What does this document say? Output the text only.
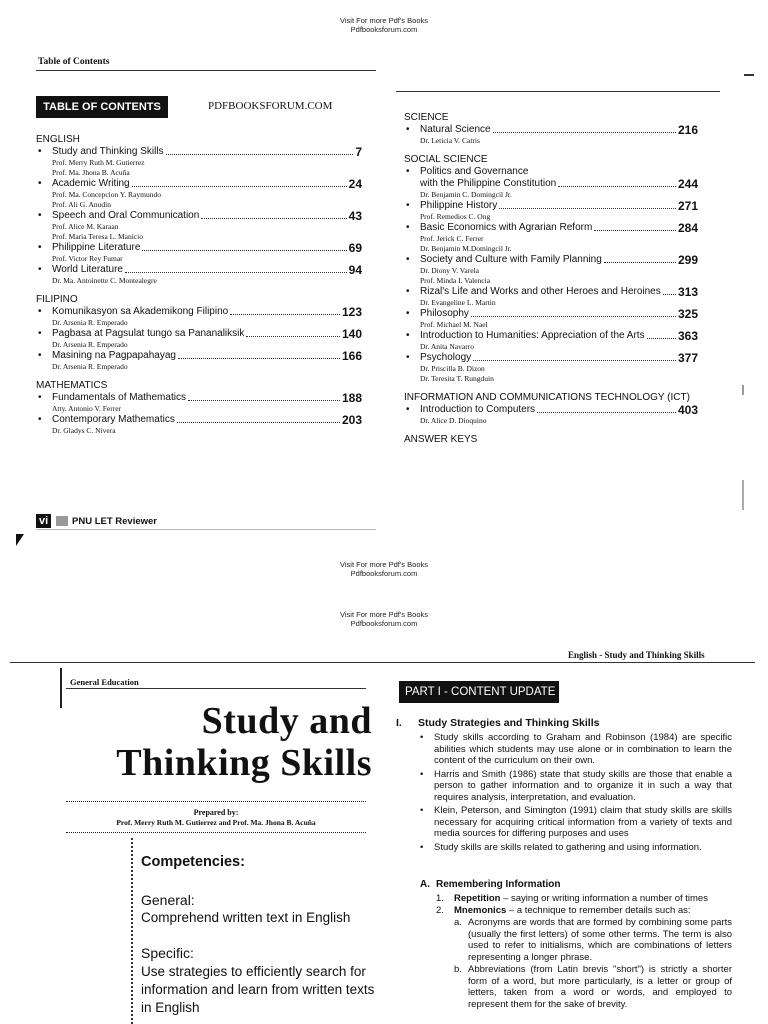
Visit For more Pdf's Books
Pdfbooksforum.com
Table of Contents
TABLE OF CONTENTS	PDFBOOKSFORUM.COM
ENGLISH
• Study and Thinking Skills	7
Prof. Merry Ruth M. Gutierrez
Prof. Ma. Jhona B. Acuña
• Academic Writing	24
Prof. Ma. Concepcion Y. Raymundo
Prof. Ali G. Anudin
• Speech and Oral Communication	43
Prof. Alice M. Karaan
Prof. Maria Teresa L. Manicio
• Philippine Literature	69
Prof. Victor Rey Fumar
• World Literature	94
Dr. Ma. Antoinette C. Montealegre
FILIPINO
• Komunikasyon sa Akademikong Filipino	123
Dr. Arsenia R. Emperado
• Pagbasa at Pagsulat tungo sa Pananaliksik	140
Dr. Arsenia R. Emperado
• Masining na Pagpapahayag	166
Dr. Arsenia R. Emperado
MATHEMATICS
• Fundamentals of Mathematics	188
Atty. Antonio V. Ferrer
• Contemporary Mathematics	203
Dr. Gladys C. Nivera
SCIENCE
• Natural Science	216
Dr. Leticia V. Catris
SOCIAL SCIENCE
• Politics and Governance
with the Philippine Constitution	244
Dr. Benjamin C. Domingcil Jr.
• Philippine History	271
Prof. Remedios C. Ong
• Basic Economics with Agrarian Reform	284
Prof. Jerick C. Ferrer
Dr. Benjamin M.Domingcil Jr.
• Society and Culture with Family Planning	299
Dr. Diony V. Varela
Prof. Minda I. Valencia
• Rizal's Life and Works and other Heroes and Heroines 313
Dr. Evangeline L. Martin
• Philosophy	325
Prof. Michael M. Nael
• Introduction to Humanities: Appreciation of the Arts	363
Dr. Anita Navarro
• Psychology	377
Dr. Priscilla B. Dizon
Dr. Teresita T. Rungduin
INFORMATION AND COMMUNICATIONS TECHNOLOGY (ICT)
• Introduction to Computers	403
Dr. Alice D. Dioquino
ANSWER KEYS
vi	PNU LET Reviewer
Visit For more Pdf's Books
Pdfbooksforum.com
Visit For more Pdf's Books
Pdfbooksforum.com
English - Study and Thinking Skills
General Education
Study and
Thinking Skills
Prepared by:
Prof. Merry Ruth M. Gutierrez and Prof. Ma. Jhona B. Acuña
Competencies:
General:
Comprehend written text in English
Specific:
Use strategies to efficiently search for information and learn from written texts in English
PART I - CONTENT UPDATE
I. Study Strategies and Thinking Skills
• Study skills according to Graham and Robinson (1984) are specific abilities which students may use alone or in combination to learn the content of the curriculum on their own.
• Harris and Smith (1986) state that study skills are those that enable a person to gather information and to organize it in such a way that requires analysis, interpretation, and evaluation.
• Klein, Peterson, and Simington (1991) claim that study skills are skills necessary for acquiring critical information from a variety of texts and media sources for differing purposes and uses
• Study skills are skills related to gathering and using information.
A. Remembering Information
1. Repetition – saying or writing information a number of times
2. Mnemonics – a technique to remember details such as:
a. Acronyms are words that are formed by combining some parts (usually the first letters) of some other terms. The term is also used to refer to initialisms, which are combinations of letters representing a longer phrase.
b. Abbreviations (from Latin brevis "short") is strictly a shorter form of a word, but more particularly, is a letter or group of letters, taken from a word or words, and employed to represent them for the sake of brevity.
